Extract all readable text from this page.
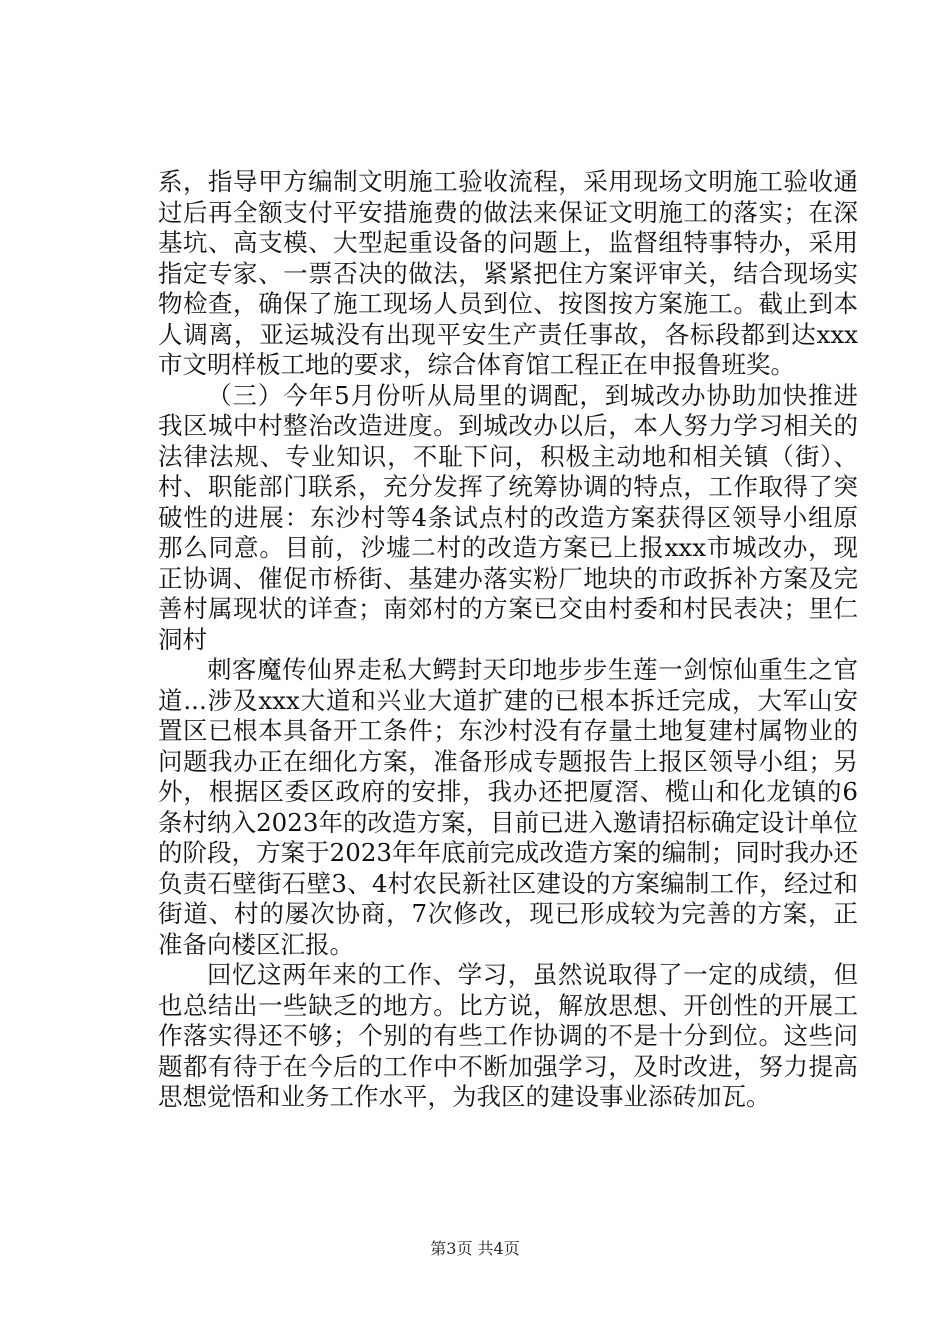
系，指导甲方编制文明施工验收流程，采用现场文明施工验收通过后再全额支付平安措施费的做法来保证文明施工的落实；在深基坑、高支模、大型起重设备的问题上，监督组特事特办，采用指定专家、一票否决的做法，紧紧把住方案评审关，结合现场实物检查，确保了施工现场人员到位、按图按方案施工。截止到本人调离，亚运城没有出现平安生产责任事故，各标段都到达xxx市文明样板工地的要求，综合体育馆工程正在申报鲁班奖。

（三）今年5月份听从局里的调配，到城改办协助加快推进我区城中村整治改造进度。到城改办以后，本人努力学习相关的法律法规、专业知识，不耻下问，积极主动地和相关镇（街）、村、职能部门联系，充分发挥了统筹协调的特点，工作取得了突破性的进展：东沙村等4条试点村的改造方案获得区领导小组原那么同意。目前，沙墟二村的改造方案已上报xxx市城改办，现正协调、催促市桥街、基建办落实粉厂地块的市政拆补方案及完善村属现状的详查；南郊村的方案已交由村委和村民表决；里仁洞村

刺客魔传仙界走私大鳄封天印地步步生莲一剑惊仙重生之官道...涉及xxx大道和兴业大道扩建的已根本拆迁完成，大军山安置区已根本具备开工条件；东沙村没有存量土地复建村属物业的问题我办正在细化方案，准备形成专题报告上报区领导小组；另外，根据区委区政府的安排，我办还把厦滘、榄山和化龙镇的6条村纳入2023年的改造方案，目前已进入邀请招标确定设计单位的阶段，方案于2023年年底前完成改造方案的编制；同时我办还负责石壁街石壁3、4村农民新社区建设的方案编制工作，经过和街道、村的屡次协商，7次修改，现已形成较为完善的方案，正准备向楼区汇报。

回忆这两年来的工作、学习，虽然说取得了一定的成绩，但也总结出一些缺乏的地方。比方说，解放思想、开创性的开展工作落实得还不够；个别的有些工作协调的不是十分到位。这些问题都有待于在今后的工作中不断加强学习，及时改进，努力提高思想觉悟和业务工作水平，为我区的建设事业添砖加瓦。

第3页 共4页
